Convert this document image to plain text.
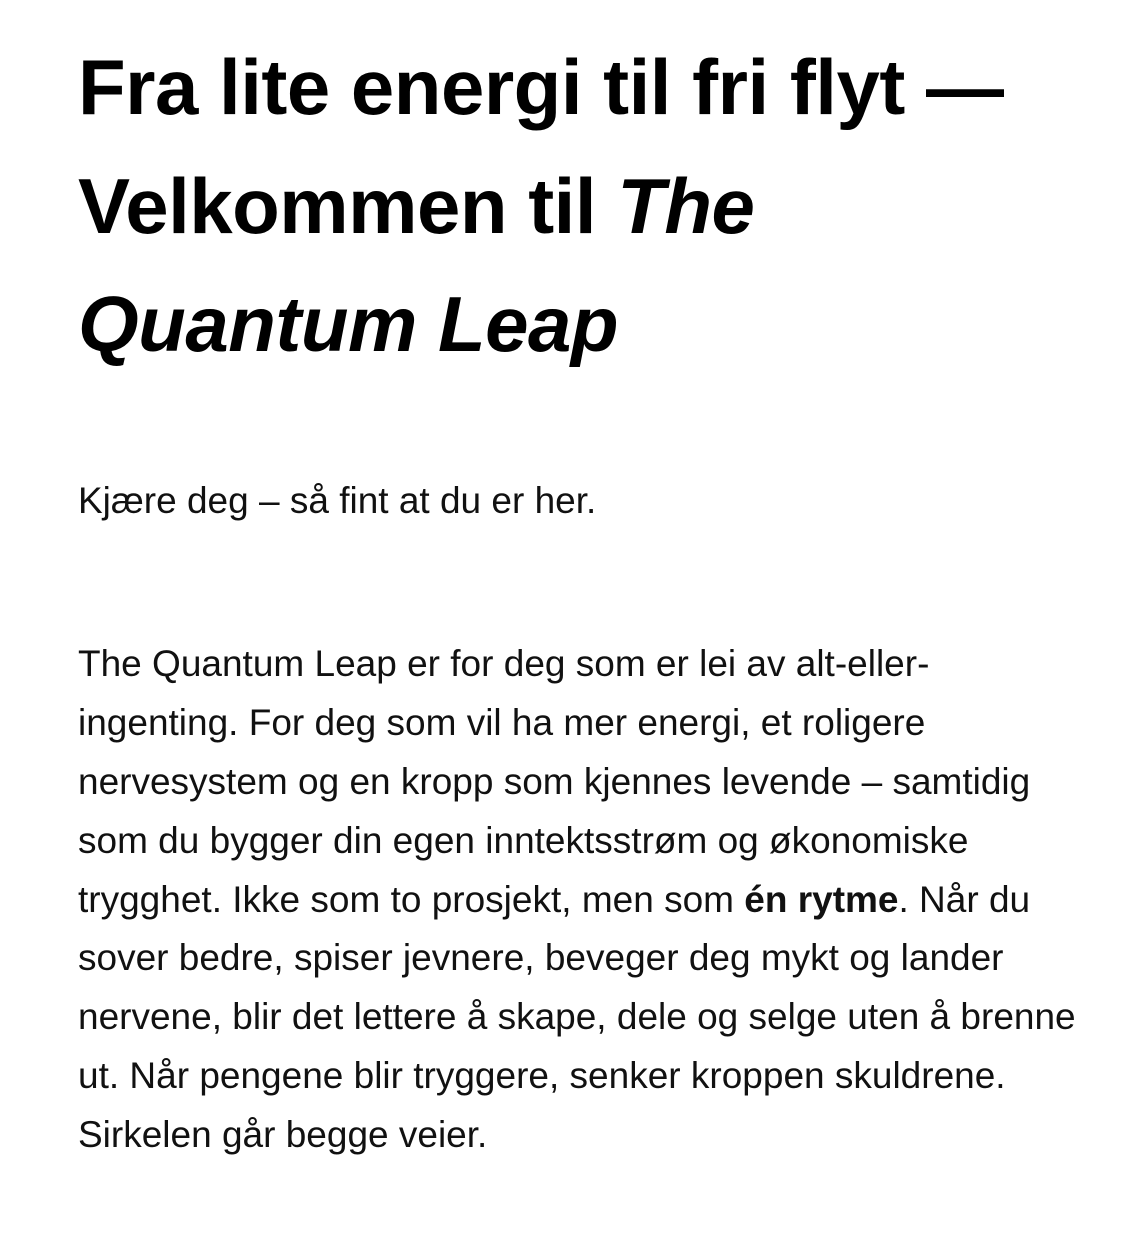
Fra lite energi til fri flyt — Velkommen til The Quantum Leap

Kjære deg – så fint at du er her.

The Quantum Leap er for deg som er lei av alt-eller-ingenting. For deg som vil ha mer energi, et roligere nervesystem og en kropp som kjennes levende – samtidig som du bygger din egen inntektsstrøm og økonomiske trygghet. Ikke som to prosjekt, men som én rytme. Når du sover bedre, spiser jevnere, beveger deg mykt og lander nervene, blir det lettere å skape, dele og selge uten å brenne ut. Når pengene blir tryggere, senker kroppen skuldrene. Sirkelen går begge veier.
